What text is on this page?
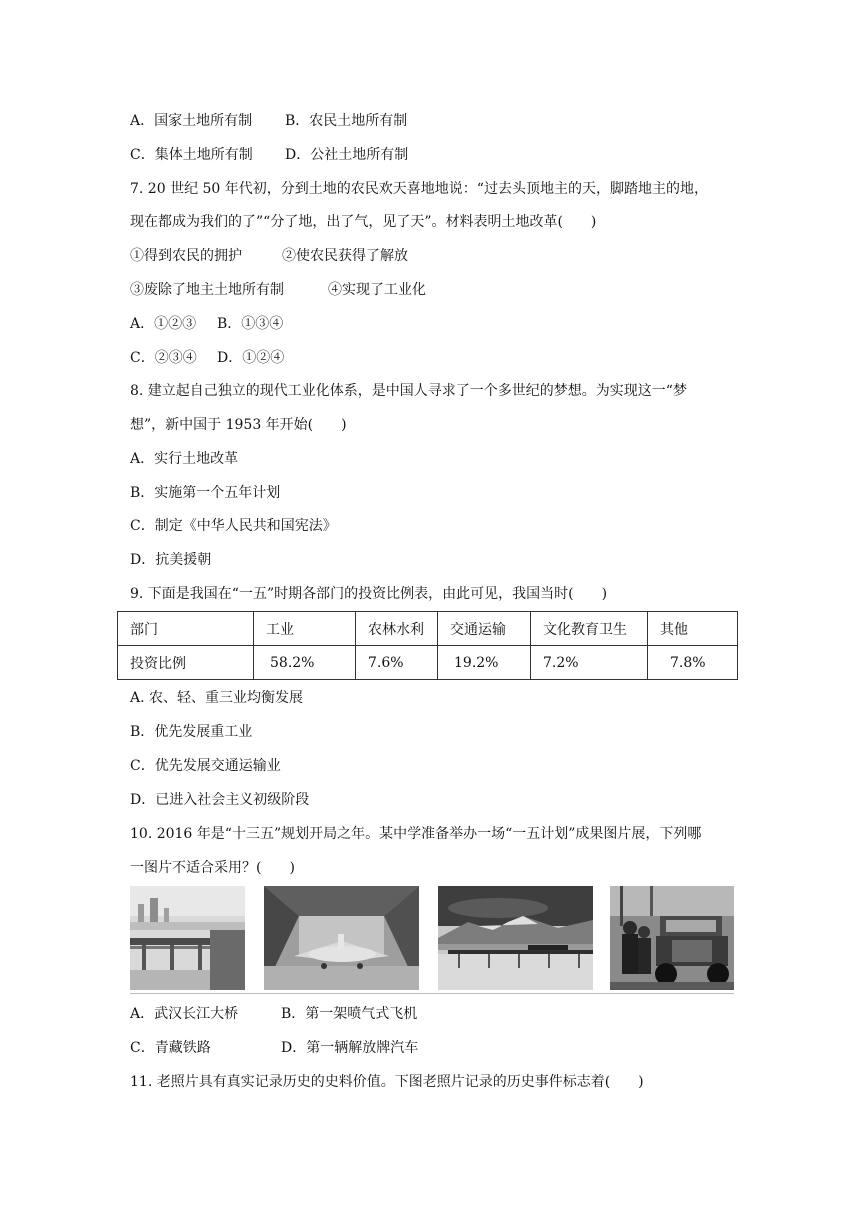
A．国家土地所有制 B．农民土地所有制
C．集体土地所有制 D．公社土地所有制
7. 20 世纪 50 年代初，分到土地的农民欢天喜地地说：“过去头顶地主的天，脚踏地主的地，
现在都成为我们的了”“分了地，出了气，见了天”。材料表明土地改革(　　)
①得到农民的拥护	②使农民获得了解放
③废除了地主土地所有制	④实现了工业化
A．①②③ B．①③④
C．②③④ D．①②④
8. 建立起自己独立的现代工业化体系，是中国人寻求了一个多世纪的梦想。为实现这一“梦
想”，新中国于 1953 年开始(　　)
A．实行土地改革
B．实施第一个五年计划
C．制定《中华人民共和国宪法》
D．抗美援朝
9. 下面是我国在“一五”时期各部门的投资比例表，由此可见，我国当时(　　)
部门	工业	农林水利	交通运输	文化教育卫生	其他
投资比例	58.2%	7.6%	19.2%	7.2%	7.8%
A. 农、轻、重三业均衡发展
B．优先发展重工业
C．优先发展交通运输业
D．已进入社会主义初级阶段
10. 2016 年是“十三五”规划开局之年。某中学准备举办一场“一五计划”成果图片展，下列哪
一图片不适合采用？(　　)
A．武汉长江大桥	B．第一架喷气式飞机
C．青藏铁路	D．第一辆解放牌汽车
11. 老照片具有真实记录历史的史料价值。下图老照片记录的历史事件标志着(　　)
